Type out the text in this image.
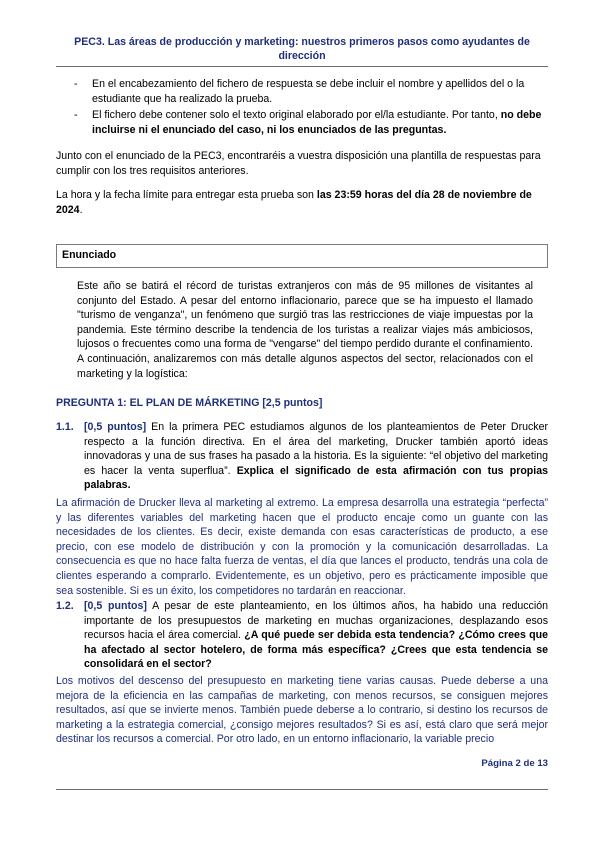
PEC3. Las áreas de producción y marketing: nuestros primeros pasos como ayudantes de dirección
-	En el encabezamiento del fichero de respuesta se debe incluir el nombre y apellidos del o la estudiante que ha realizado la prueba.
-	El fichero debe contener solo el texto original elaborado por el/la estudiante. Por tanto, no debe incluirse ni el enunciado del caso, ni los enunciados de las preguntas.
Junto con el enunciado de la PEC3, encontraréis a vuestra disposición una plantilla de respuestas para cumplir con los tres requisitos anteriores.
La hora y la fecha límite para entregar esta prueba son las 23:59 horas del día 28 de noviembre de 2024.
Enunciado
Este año se batirá el récord de turistas extranjeros con más de 95 millones de visitantes al conjunto del Estado. A pesar del entorno inflacionario, parece que se ha impuesto el llamado "turismo de venganza", un fenómeno que surgió tras las restricciones de viaje impuestas por la pandemia. Este término describe la tendencia de los turistas a realizar viajes más ambiciosos, lujosos o frecuentes como una forma de "vengarse" del tiempo perdido durante el confinamiento. A continuación, analizaremos con más detalle algunos aspectos del sector, relacionados con el marketing y la logística:
PREGUNTA 1: EL PLAN DE MÁRKETING [2,5 puntos]
1.1. [0,5 puntos] En la primera PEC estudiamos algunos de los planteamientos de Peter Drucker respecto a la función directiva. En el área del marketing, Drucker también aportó ideas innovadoras y una de sus frases ha pasado a la historia. Es la siguiente: “el objetivo del marketing es hacer la venta superflua”. Explica el significado de esta afirmación con tus propias palabras.
La afirmación de Drucker lleva al marketing al extremo. La empresa desarrolla una estrategia “perfecta” y las diferentes variables del marketing hacen que el producto encaje como un guante con las necesidades de los clientes. Es decir, existe demanda con esas características de producto, a ese precio, con ese modelo de distribución y con la promoción y la comunicación desarrolladas. La consecuencia es que no hace falta fuerza de ventas, el día que lances el producto, tendrás una cola de clientes esperando a comprarlo. Evidentemente, es un objetivo, pero es prácticamente imposible que sea sostenible. Si es un éxito, los competidores no tardarán en reaccionar.
1.2. [0,5 puntos] A pesar de este planteamiento, en los últimos años, ha habido una reducción importante de los presupuestos de marketing en muchas organizaciones, desplazando esos recursos hacia el área comercial. ¿A qué puede ser debida esta tendencia? ¿Cómo crees que ha afectado al sector hotelero, de forma más específica? ¿Crees que esta tendencia se consolidará en el sector?
Los motivos del descenso del presupuesto en marketing tiene varias causas. Puede deberse a una mejora de la eficiencia en las campañas de marketing, con menos recursos, se consiguen mejores resultados, así que se invierte menos. También puede deberse a lo contrario, si destino los recursos de marketing a la estrategia comercial, ¿consigo mejores resultados? Si es así, está claro que será mejor destinar los recursos a comercial. Por otro lado, en un entorno inflacionario, la variable precio
Página 2 de 13
